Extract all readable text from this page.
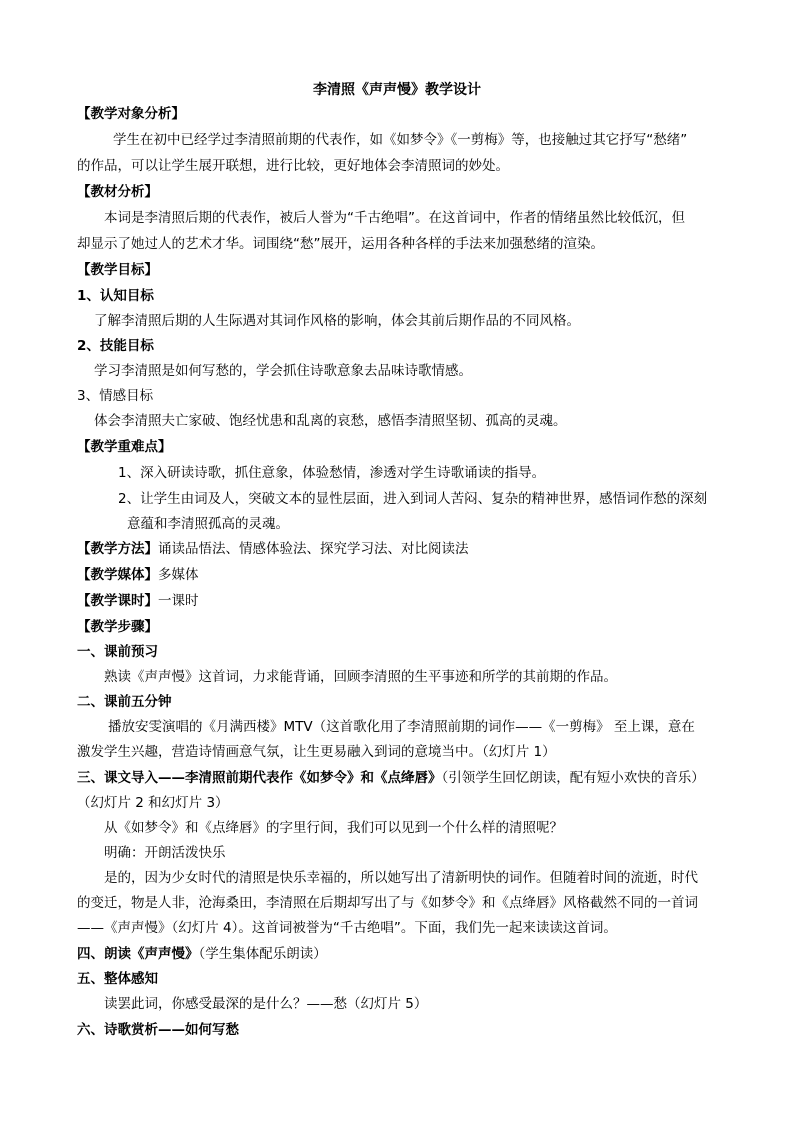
李清照《声声慢》教学设计
【教学对象分析】
学生在初中已经学过李清照前期的代表作，如《如梦令》《一剪梅》等，也接触过其它抒写“愁绪”
的作品，可以让学生展开联想，进行比较，更好地体会李清照词的妙处。
【教材分析】
本词是李清照后期的代表作，被后人誉为“千古绝唱”。在这首词中，作者的情绪虽然比较低沉，但
却显示了她过人的艺术才华。词围绕“愁”展开，运用各种各样的手法来加强愁绪的渲染。
【教学目标】
1、认知目标
了解李清照后期的人生际遇对其词作风格的影响，体会其前后期作品的不同风格。
2、技能目标
学习李清照是如何写愁的，学会抓住诗歌意象去品味诗歌情感。
3、情感目标
体会李清照夫亡家破、饱经忧患和乱离的哀愁，感悟李清照坚韧、孤高的灵魂。
【教学重难点】
1、深入研读诗歌，抓住意象，体验愁情，渗透对学生诗歌诵读的指导。
2、让学生由词及人，突破文本的显性层面，进入到词人苦闷、复杂的精神世界，感悟词作愁的深刻
意蕴和李清照孤高的灵魂。
【教学方法】诵读品悟法、情感体验法、探究学习法、对比阅读法
【教学媒体】多媒体
【教学课时】一课时
【教学步骤】
一、课前预习
熟读《声声慢》这首词，力求能背诵，回顾李清照的生平事迹和所学的其前期的作品。
二、课前五分钟
播放安雯演唱的《月满西楼》MTV（这首歌化用了李清照前期的词作——《一剪梅》 至上课，意在
激发学生兴趣，营造诗情画意气氛，让生更易融入到词的意境当中。（幻灯片 1）
三、课文导入——李清照前期代表作《如梦令》和《点绛唇》（引领学生回忆朗读，配有短小欢快的音乐）
（幻灯片 2 和幻灯片 3）
从《如梦令》和《点绛唇》的字里行间，我们可以见到一个什么样的清照呢？
明确：开朗活泼快乐
是的，因为少女时代的清照是快乐幸福的，所以她写出了清新明快的词作。但随着时间的流逝，时代
的变迁，物是人非，沧海桑田，李清照在后期却写出了与《如梦令》和《点绛唇》风格截然不同的一首词
——《声声慢》（幻灯片 4）。这首词被誉为“千古绝唱”。下面，我们先一起来读读这首词。
四、朗读《声声慢》（学生集体配乐朗读）
五、整体感知
读罢此词，你感受最深的是什么？——愁（幻灯片 5）
六、诗歌赏析——如何写愁
